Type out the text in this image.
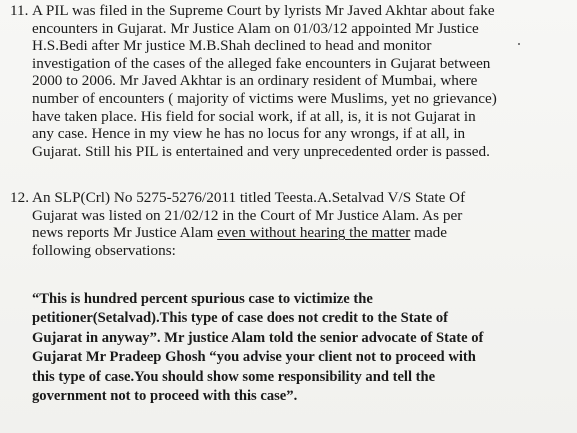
11. A PIL was filed in the Supreme Court by lyrists Mr Javed Akhtar about fake
encounters in Gujarat. Mr Justice Alam on 01/03/12 appointed Mr Justice
H.S.Bedi after Mr justice M.B.Shah declined to head and monitor
investigation of the cases of the alleged fake encounters in Gujarat between
2000 to 2006. Mr Javed Akhtar is an ordinary resident of Mumbai, where
number of encounters ( majority of victims were Muslims, yet no grievance)
have taken place. His field for social work, if at all, is, it is not Gujarat in
any case. Hence in my view he has no locus for any wrongs, if at all, in
Gujarat. Still his PIL is entertained and very unprecedented order is passed.
12. An SLP(Crl) No 5275-5276/2011 titled Teesta.A.Setalvad V/S State Of
Gujarat was listed on 21/02/12 in the Court of Mr Justice Alam. As per
news reports Mr Justice Alam even without hearing the matter made
following observations:
“This is hundred percent spurious case to victimize the
petitioner(Setalvad).This type of case does not credit to the State of
Gujarat in anyway”. Mr justice Alam told the senior advocate of State of
Gujarat Mr Pradeep Ghosh “you advise your client not to proceed with
this type of case.You should show some responsibility and tell the
government not to proceed with this case”.
